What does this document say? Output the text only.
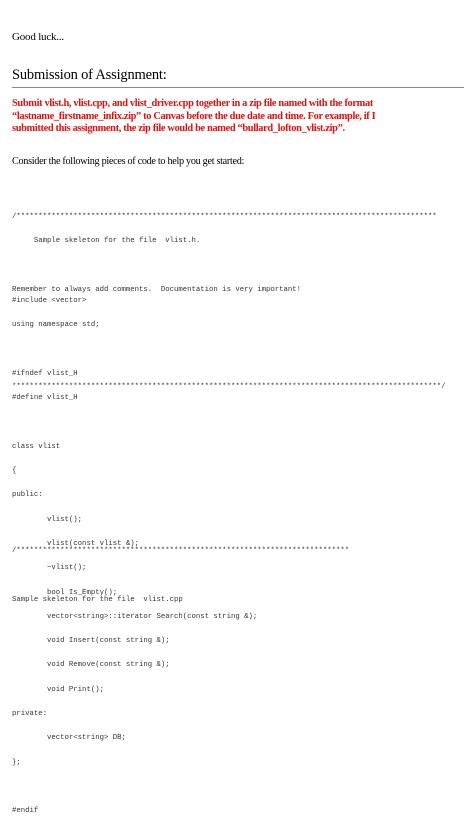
Good luck...
Submission of Assignment:
Submit vlist.h, vlist.cpp, and vlist_driver.cpp together in a zip file named with the format
“lastname_firstname_infix.zip” to Canvas before the due date and time. For example, if I
submitted this assignment, the zip file would be named “bullard_lofton_vlist.zip”.
Consider the following pieces of code to help you get started:

/************************************************************************************************

Sample skeleton for the file  vlist.h.

Remember to always add comments.  Documentation is very important!

**************************************************************************************************/

#include <vector>

using namespace std;

#ifndef vlist_H

#define vlist_H

class vlist

{

public:

vlist();

vlist(const vlist &);

~vlist();

bool Is_Empty();

vector<string>::iterator Search(const string &);

void Insert(const string &);

void Remove(const string &);

void Print();

private:

vector<string> DB;

};

#endif

/****************************************************************************

Sample skeleton for the file  vlist.cpp
